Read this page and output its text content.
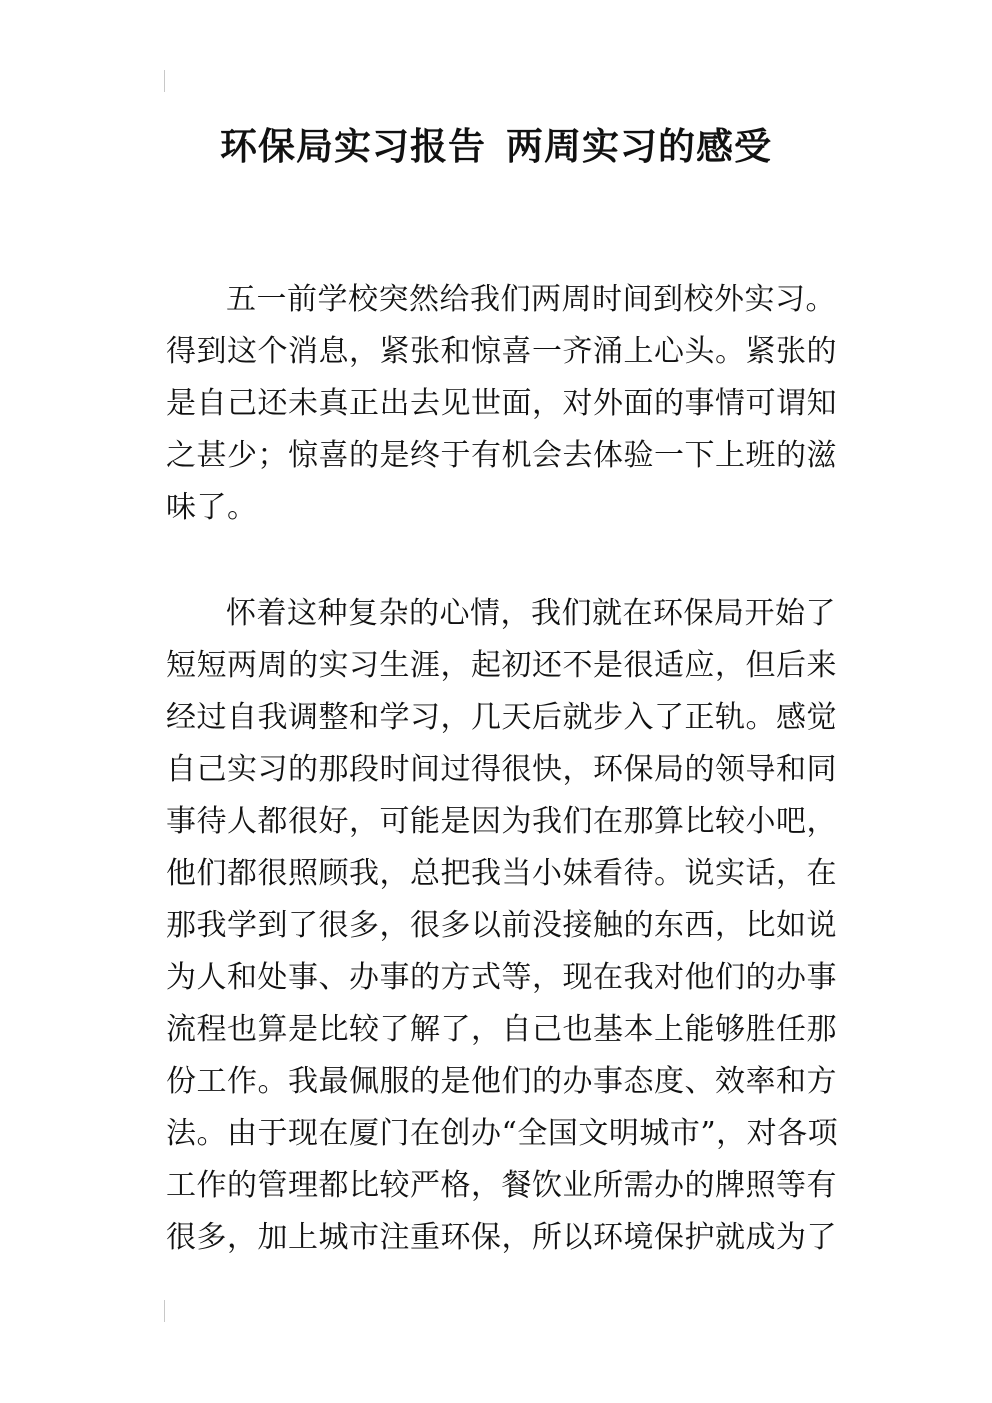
环保局实习报告 两周实习的感受
五一前学校突然给我们两周时间到校外实习。
得到这个消息，紧张和惊喜一齐涌上心头。紧张的
是自己还未真正出去见世面，对外面的事情可谓知
之甚少；惊喜的是终于有机会去体验一下上班的滋
味了。
怀着这种复杂的心情，我们就在环保局开始了
短短两周的实习生涯，起初还不是很适应，但后来
经过自我调整和学习，几天后就步入了正轨。感觉
自己实习的那段时间过得很快，环保局的领导和同
事待人都很好，可能是因为我们在那算比较小吧，
他们都很照顾我，总把我当小妹看待。说实话，在
那我学到了很多，很多以前没接触的东西，比如说
为人和处事、办事的方式等，现在我对他们的办事
流程也算是比较了解了，自己也基本上能够胜任那
份工作。我最佩服的是他们的办事态度、效率和方
法。由于现在厦门在创办“全国文明城市”，对各项
工作的管理都比较严格，餐饮业所需办的牌照等有
很多，加上城市注重环保，所以环境保护就成为了
